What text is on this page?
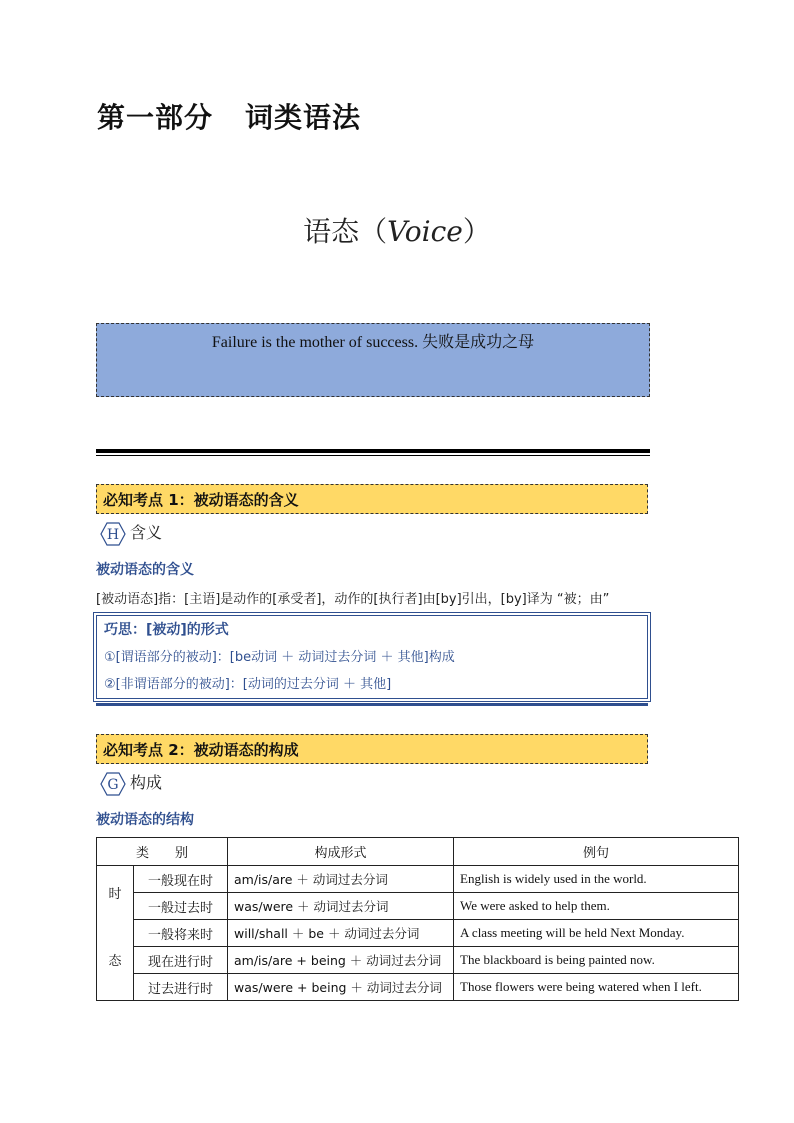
第一部分 词类语法
语态（Voice）
Failure is the mother of success. 失败是成功之母
必知考点 1：被动语态的含义
H 含义
被动语态的含义
[被动语态]指：[主语]是动作的[承受者]，动作的[执行者]由[by]引出，[by]译为 “被；由”
巧思：[被动]的形式
①[谓语部分的被动]：[be动词 ＋ 动词过去分词 ＋ 其他]构成
②[非谓语部分的被动]：[动词的过去分词 ＋ 其他]
必知考点 2：被动语态的构成
G 构成
被动语态的结构
类　　别		构成形式	例句
时	一般现在时	am/is/are ＋ 动词过去分词	English is widely used in the world.
	一般过去时	was/were ＋ 动词过去分词	We were asked to help them.
态	一般将来时	will/shall ＋ be ＋ 动词过去分词	A class meeting will be held Next Monday.
	现在进行时	am/is/are + being ＋ 动词过去分词	The blackboard is being painted now.
	过去进行时	was/were + being ＋ 动词过去分词	Those flowers were being watered when I left.
